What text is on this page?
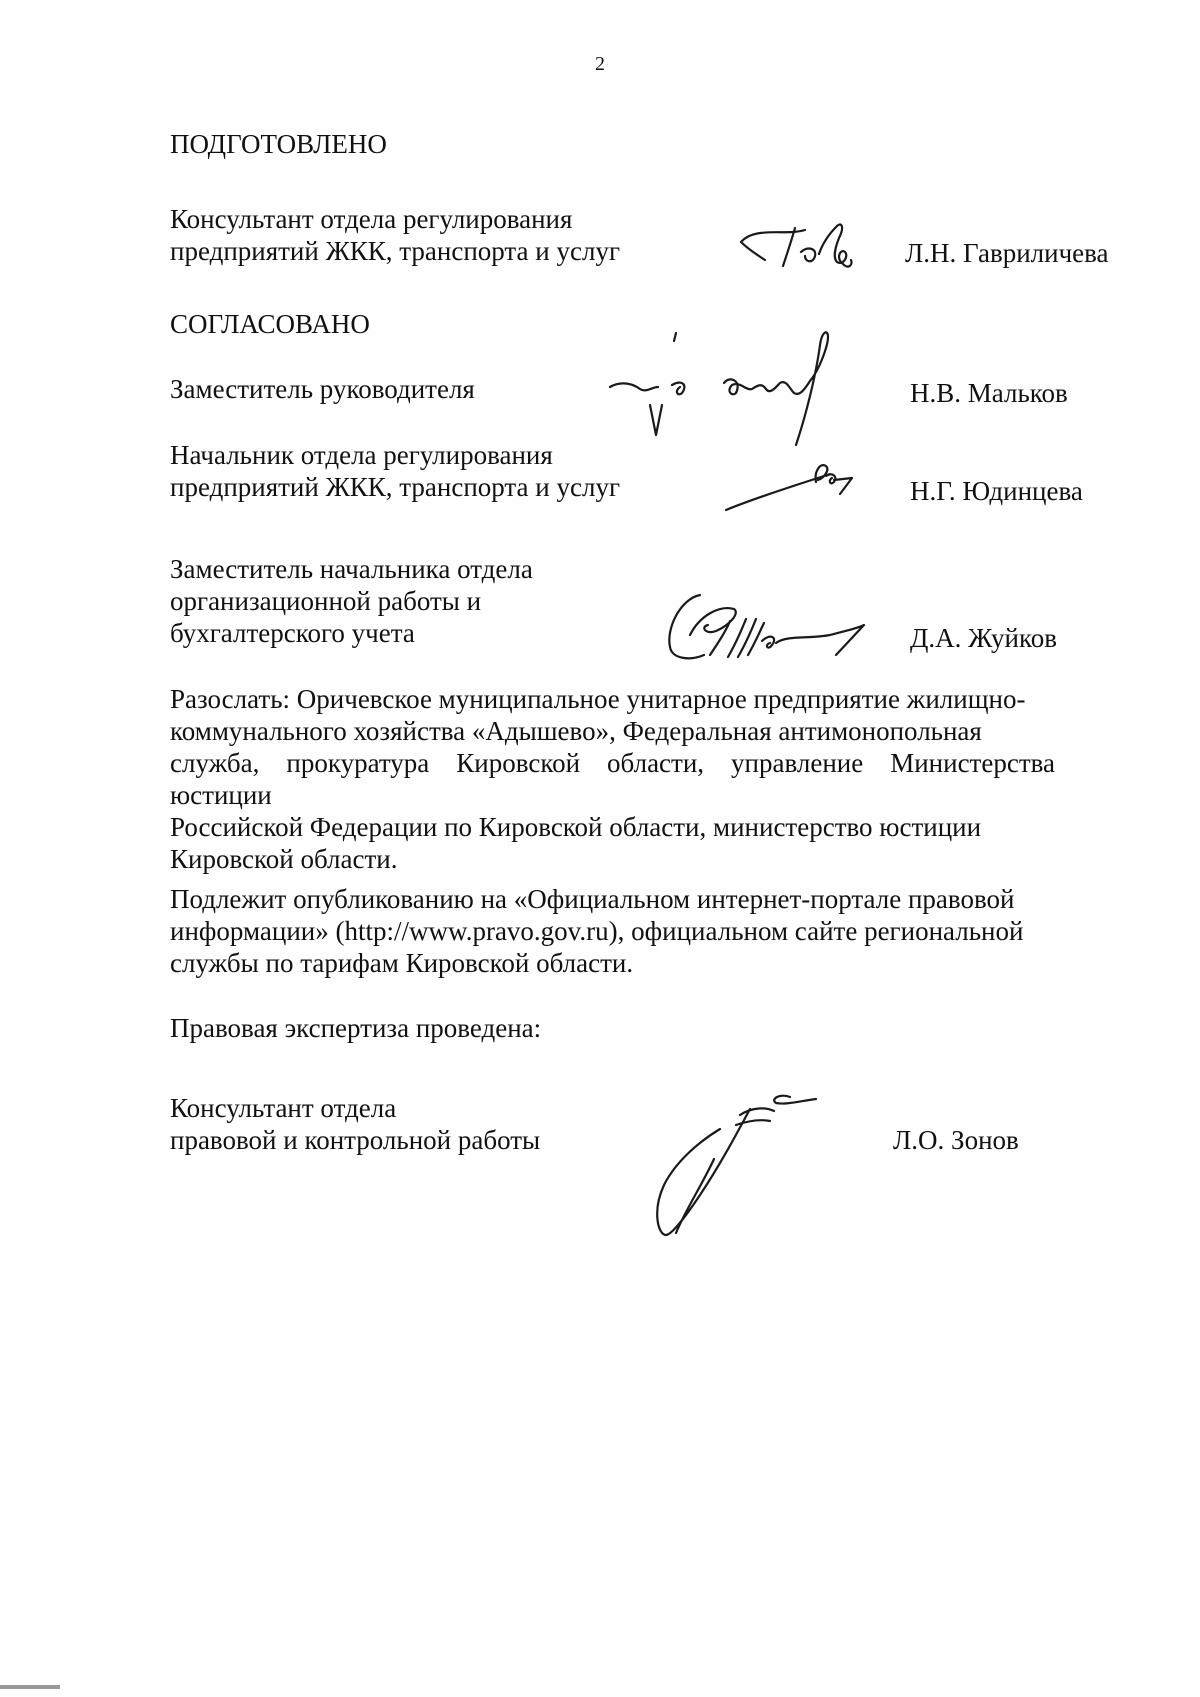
2
ПОДГОТОВЛЕНО
Консультант отдела регулирования
предприятий ЖКК, транспорта и услуг	Л.Н. Гавриличева
СОГЛАСОВАНО
Заместитель руководителя	Н.В. Мальков
Начальник отдела регулирования
предприятий ЖКК, транспорта и услуг	Н.Г. Юдинцева
Заместитель начальника отдела
организационной работы и
бухгалтерского учета	Д.А. Жуйков
Разослать: Оричевское муниципальное унитарное предприятие жилищно-
коммунального хозяйства «Адышево», Федеральная антимонопольная
служба, прокуратура Кировской области, управление Министерства юстиции
Российской Федерации по Кировской области, министерство юстиции
Кировской области.
Подлежит опубликованию на «Официальном интернет-портале правовой
информации» (http://www.pravo.gov.ru), официальном сайте региональной
службы по тарифам Кировской области.
Правовая экспертиза проведена:
Консультант отдела
правовой и контрольной работы	Л.О. Зонов
